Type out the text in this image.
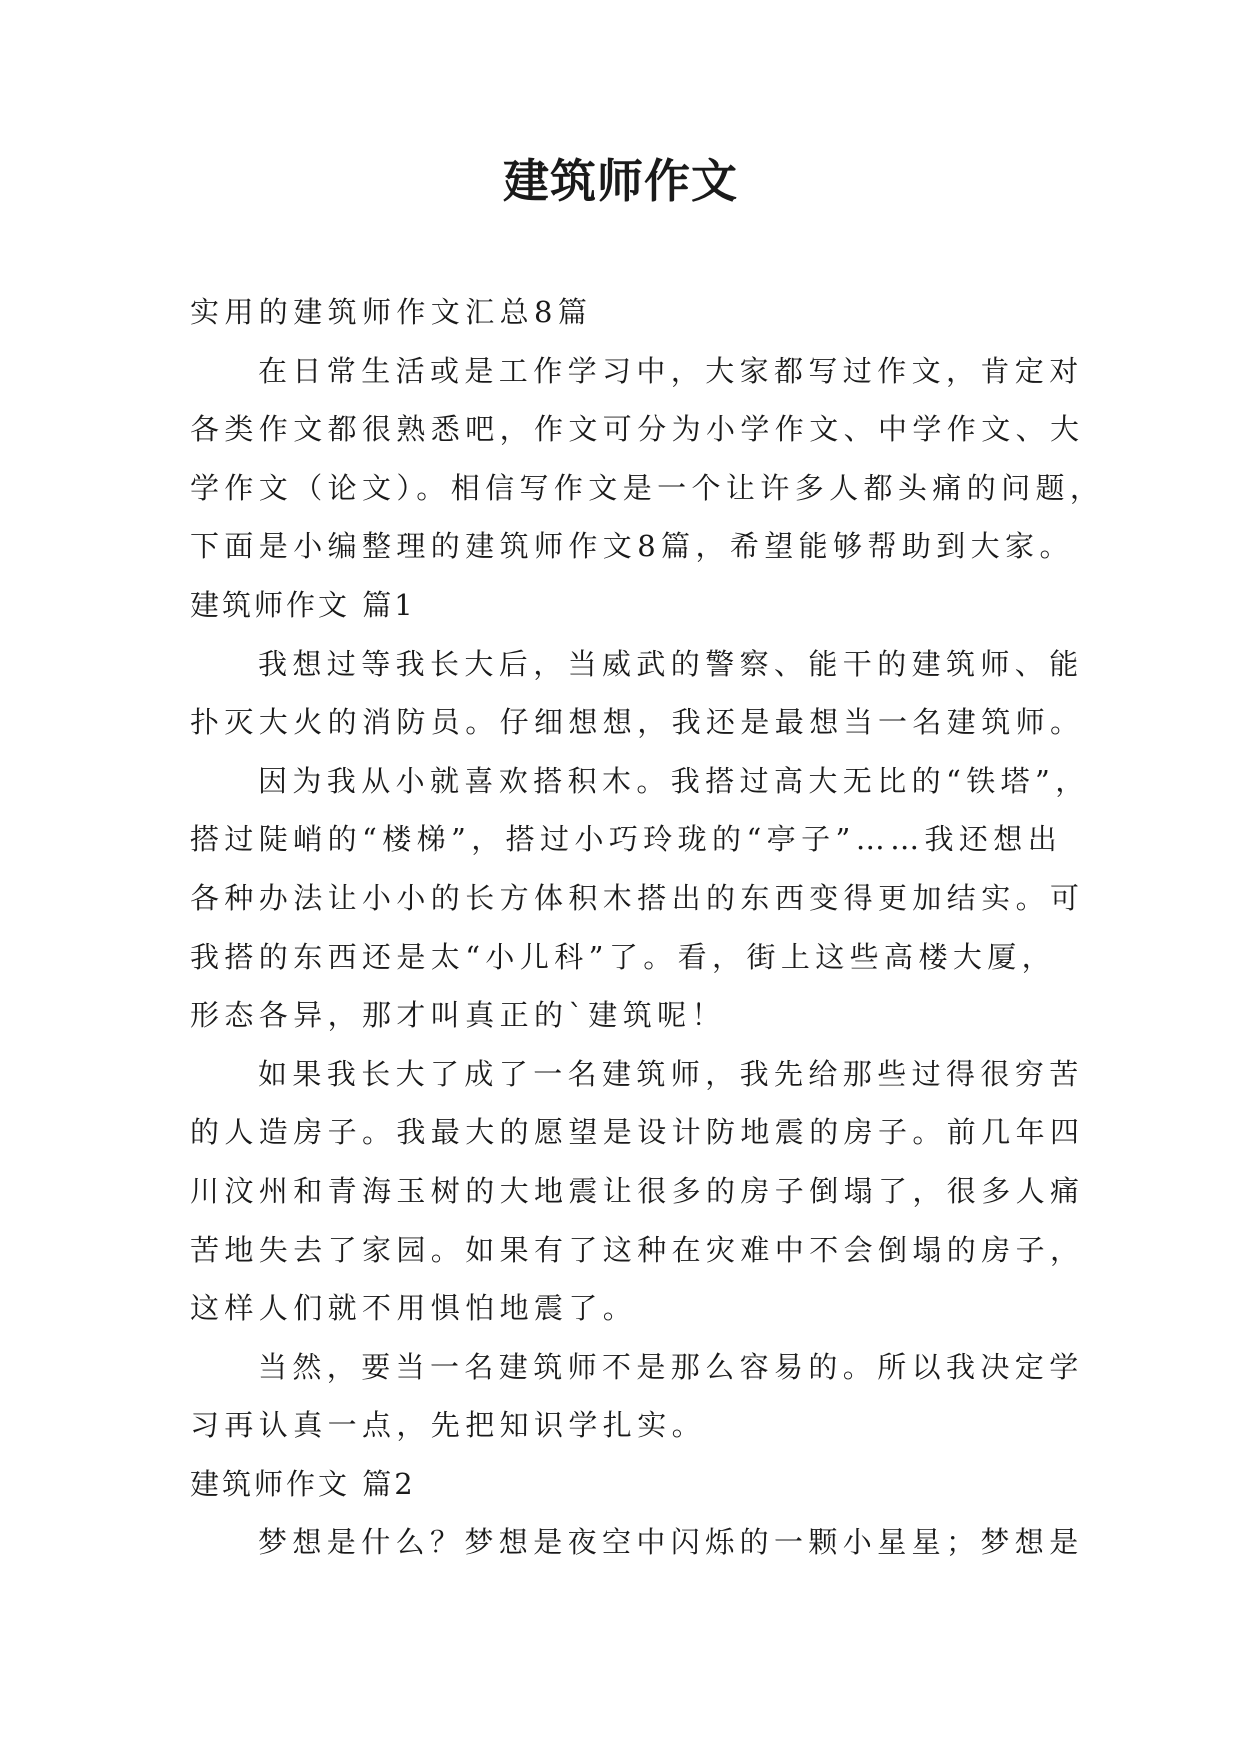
建筑师作文
实用的建筑师作文汇总8篇
在日常生活或是工作学习中，大家都写过作文，肯定对
各类作文都很熟悉吧，作文可分为小学作文、中学作文、大
学作文（论文）。相信写作文是一个让许多人都头痛的问题，
下面是小编整理的建筑师作文8篇，希望能够帮助到大家。
建筑师作文 篇1
我想过等我长大后，当威武的警察、能干的建筑师、能
扑灭大火的消防员。仔细想想，我还是最想当一名建筑师。
因为我从小就喜欢搭积木。我搭过高大无比的“铁塔”，
搭过陡峭的“楼梯”，搭过小巧玲珑的“亭子”……我还想出
各种办法让小小的长方体积木搭出的东西变得更加结实。可
我搭的东西还是太“小儿科”了。看，街上这些高楼大厦，
形态各异，那才叫真正的`建筑呢！
如果我长大了成了一名建筑师，我先给那些过得很穷苦
的人造房子。我最大的愿望是设计防地震的房子。前几年四
川汶州和青海玉树的大地震让很多的房子倒塌了，很多人痛
苦地失去了家园。如果有了这种在灾难中不会倒塌的房子，
这样人们就不用惧怕地震了。
当然，要当一名建筑师不是那么容易的。所以我决定学
习再认真一点，先把知识学扎实。
建筑师作文 篇2
梦想是什么？梦想是夜空中闪烁的一颗小星星；梦想是
